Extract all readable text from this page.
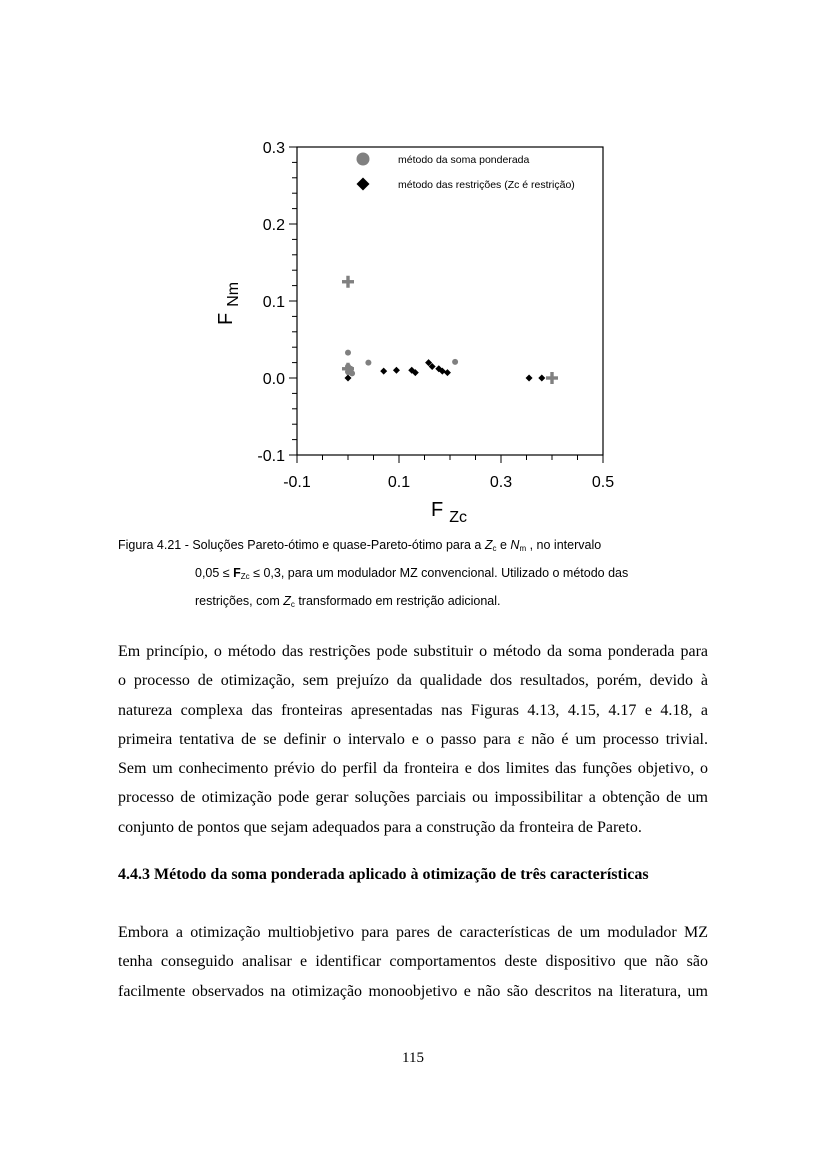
-0.1	0.1	0.3	0.5
0.3
0.2
0.1
0.0
-0.1
método da soma ponderada
método das restrições (Zc é restrição)
F $_{Zc}$
$F_{Nm}$
Figura 4.21 - Soluções Pareto-ótimo e quase-Pareto-ótimo para a $Z_c$ e $N_m$ , no intervalo
$0,05 \le F_{Zc} \le 0,3$, para um modulador MZ convencional. Utilizado o método das
restrições, com $Z_c$ transformado em restrição adicional.
Em princípio, o método das restrições pode substituir o método da soma ponderada para
o processo de otimização, sem prejuízo da qualidade dos resultados, porém, devido à
natureza complexa das fronteiras apresentadas nas Figuras 4.13, 4.15, 4.17 e 4.18, a
primeira tentativa de se definir o intervalo e o passo para ε não é um processo trivial.
Sem um conhecimento prévio do perfil da fronteira e dos limites das funções objetivo, o
processo de otimização pode gerar soluções parciais ou impossibilitar a obtenção de um
conjunto de pontos que sejam adequados para a construção da fronteira de Pareto.
4.4.3 Método da soma ponderada aplicado à otimização de três características
Embora a otimização multiobjetivo para pares de características de um modulador MZ
tenha conseguido analisar e identificar comportamentos deste dispositivo que não são
facilmente observados na otimização monoobjetivo e não são descritos na literatura, um
115
